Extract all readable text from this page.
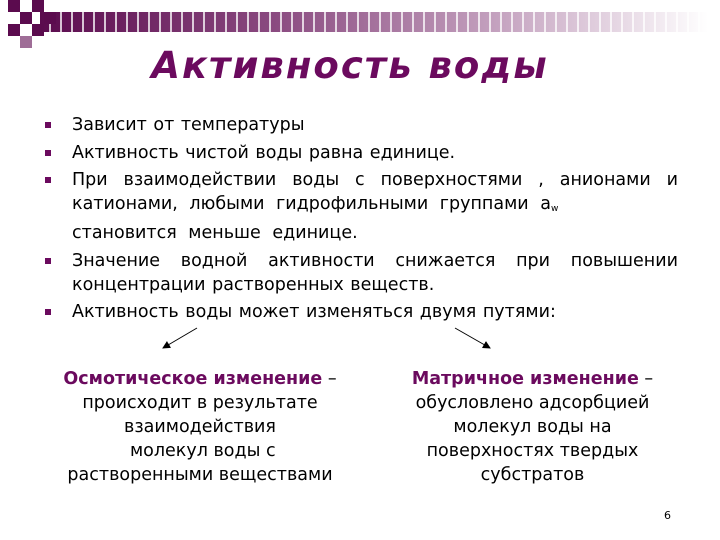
Активность воды
Зависит от температуры
Активность чистой воды равна единице.
При взаимодействии воды с поверхностями , анионами и катионами, любыми гидрофильными группами $a_w$
становится меньше единице.
Значение водной активности снижается при повышении концентрации растворенных веществ.
Активность воды может изменяться двумя путями:
Осмотическое изменение –
происходит в результате
взаимодействия
молекул воды с
растворенными веществами
Матричное изменение –
обусловлено адсорбцией
молекул воды на
поверхностях твердых
субстратов
6
